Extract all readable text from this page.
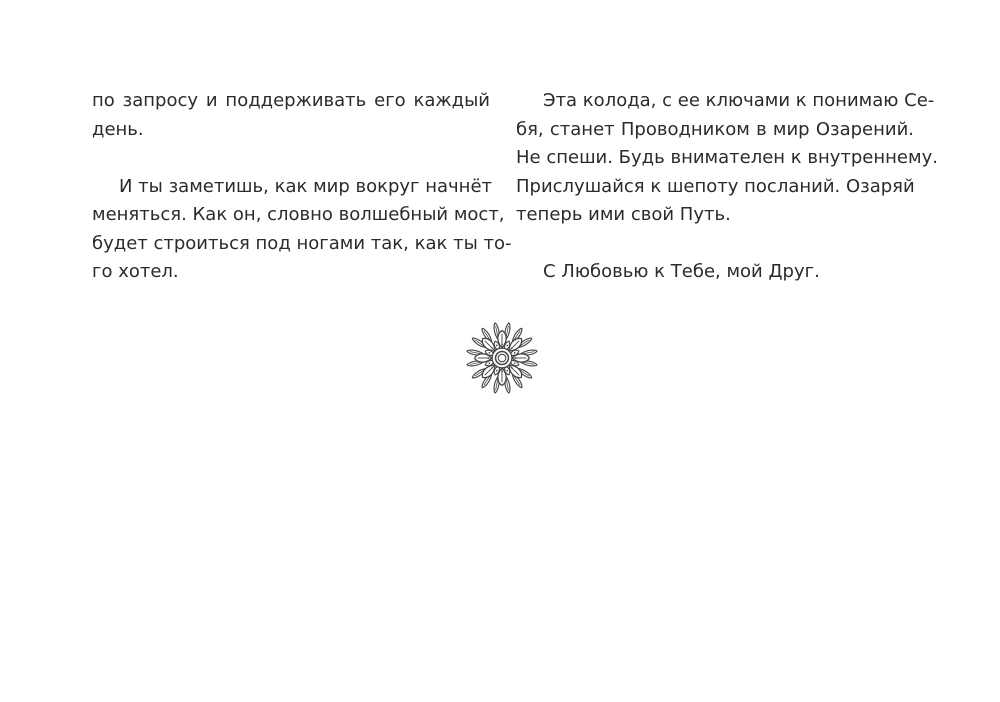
по запросу и поддерживать его каждый
день.

И ты заметишь, как мир вокруг начнёт
меняться. Как он, словно волшебный мост,
будет строиться под ногами так, как ты то-
го хотел.

Эта колода, с ее ключами к понимаю Се-
бя, станет Проводником в мир Озарений.
Не спеши. Будь внимателен к внутреннему.
Прислушайся к шепоту посланий. Озаряй
теперь ими свой Путь.

С Любовью к Тебе, мой Друг.
